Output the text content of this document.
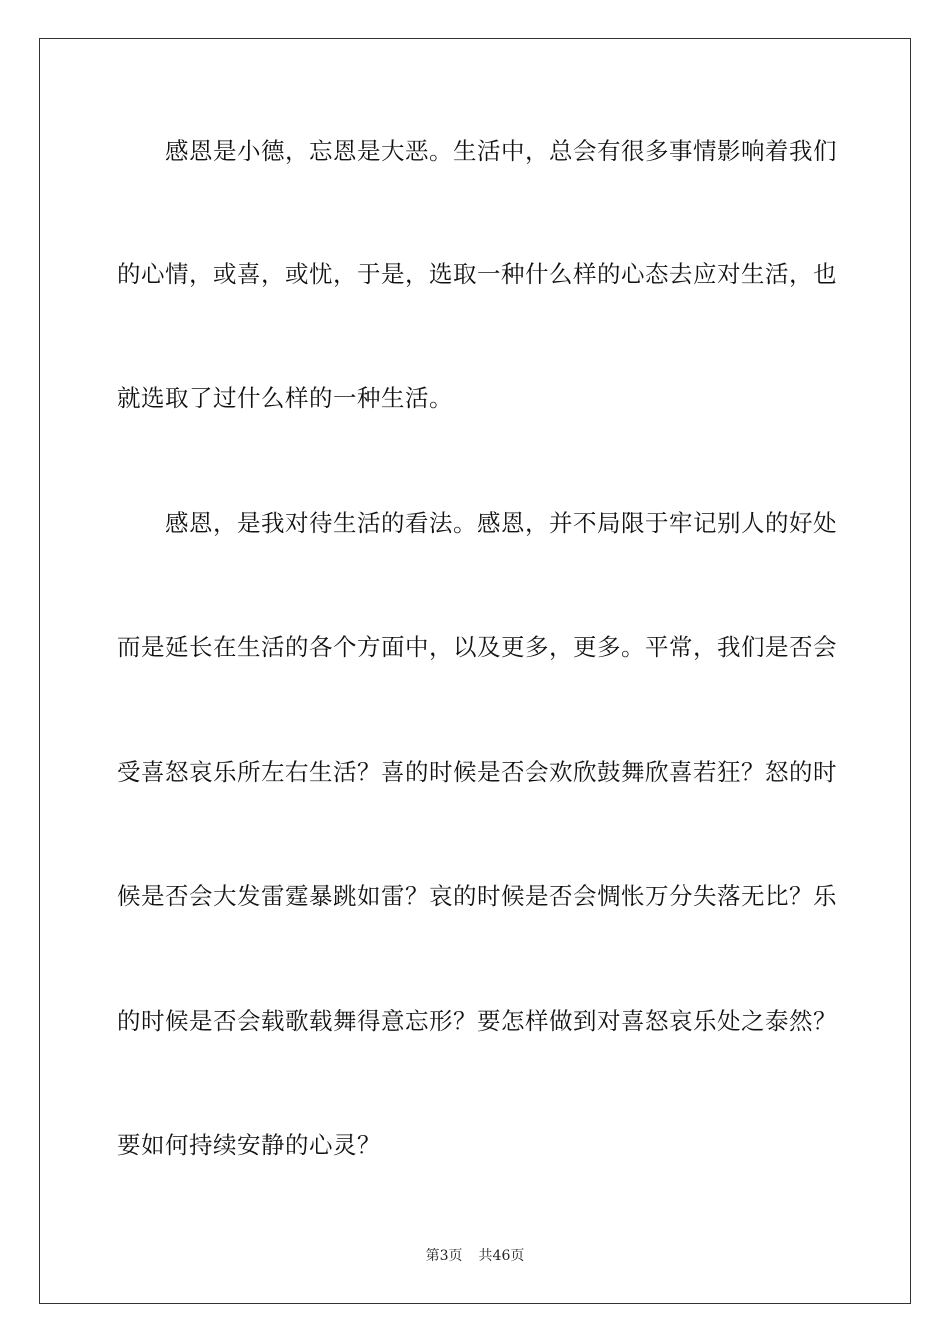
感恩是小德，忘恩是大恶。生活中，总会有很多事情影响着我们
的心情，或喜，或忧，于是，选取一种什么样的心态去应对生活，也
就选取了过什么样的一种生活。
感恩，是我对待生活的看法。感恩，并不局限于牢记别人的好处
而是延长在生活的各个方面中，以及更多，更多。平常，我们是否会
受喜怒哀乐所左右生活？喜的时候是否会欢欣鼓舞欣喜若狂？怒的时
候是否会大发雷霆暴跳如雷？哀的时候是否会惆怅万分失落无比？乐
的时候是否会载歌载舞得意忘形？要怎样做到对喜怒哀乐处之泰然？
要如何持续安静的心灵？
第3页 共46页
